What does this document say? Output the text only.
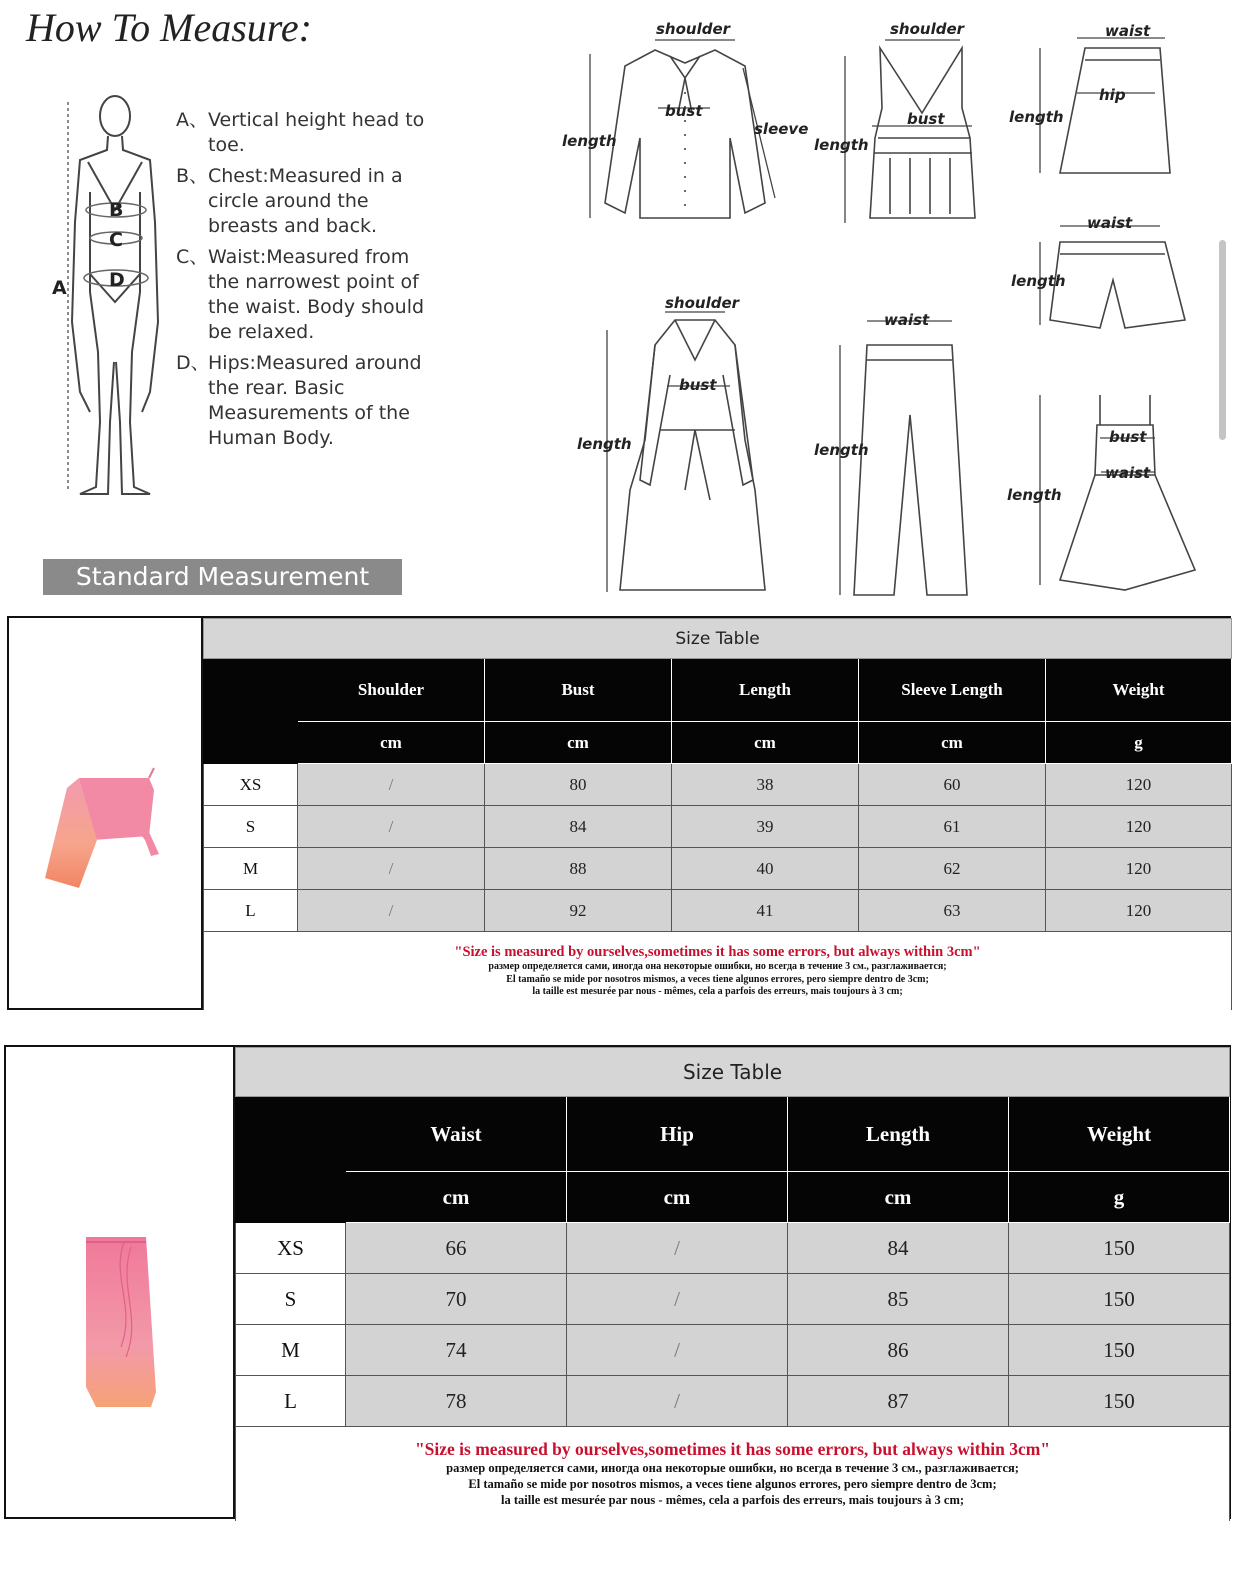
How To Measure:
B
C
D
A
A、 Vertical height head to toe.
B、 Chest:Measured in a circle around the breasts and back.
C、 Waist:Measured from the narrowest point of the waist. Body should be relaxed.
D、
Hips:Measured around the rear. Basic Measurements of the Human Body.
Standard Measurement
shoulder
bust
sleeve
length
shoulder
bust
length
waist
hip
length
waist
length
shoulder
bust
length
waist
length
bust
waist
length
Size Table					
	Shoulder	Bust	Length	Sleeve Length	Weight
	cm	cm	cm	cm	g
XS	/	80	38	60	120
S	/	84	39	61	120
M	/	88	40	62	120
L	/	92	41	63	120

"Size is measured by ourselves,sometimes it has some errors, but always within 3cm"
размер определяется сами, иногда она некоторые ошибки, но всегда в течение 3 см., разглаживается;
El tamaño se mide por nosotros mismos, a veces tiene algunos errores, pero siempre dentro de 3cm;
la taille est mesurée par nous - mêmes, cela a parfois des erreurs, mais toujours à 3 cm;					
Size Table				
	Waist	Hip	Length	Weight
	cm	cm	cm	g
XS	66	/	84	150
S	70	/	85	150
M	74	/	86	150
L	78	/	87	150

"Size is measured by ourselves,sometimes it has some errors, but always within 3cm"
размер определяется сами, иногда она некоторые ошибки, но всегда в течение 3 см., разглаживается;
El tamaño se mide por nosotros mismos, a veces tiene algunos errores, pero siempre dentro de 3cm;
la taille est mesurée par nous - mêmes, cela a parfois des erreurs, mais toujours à 3 cm;				
